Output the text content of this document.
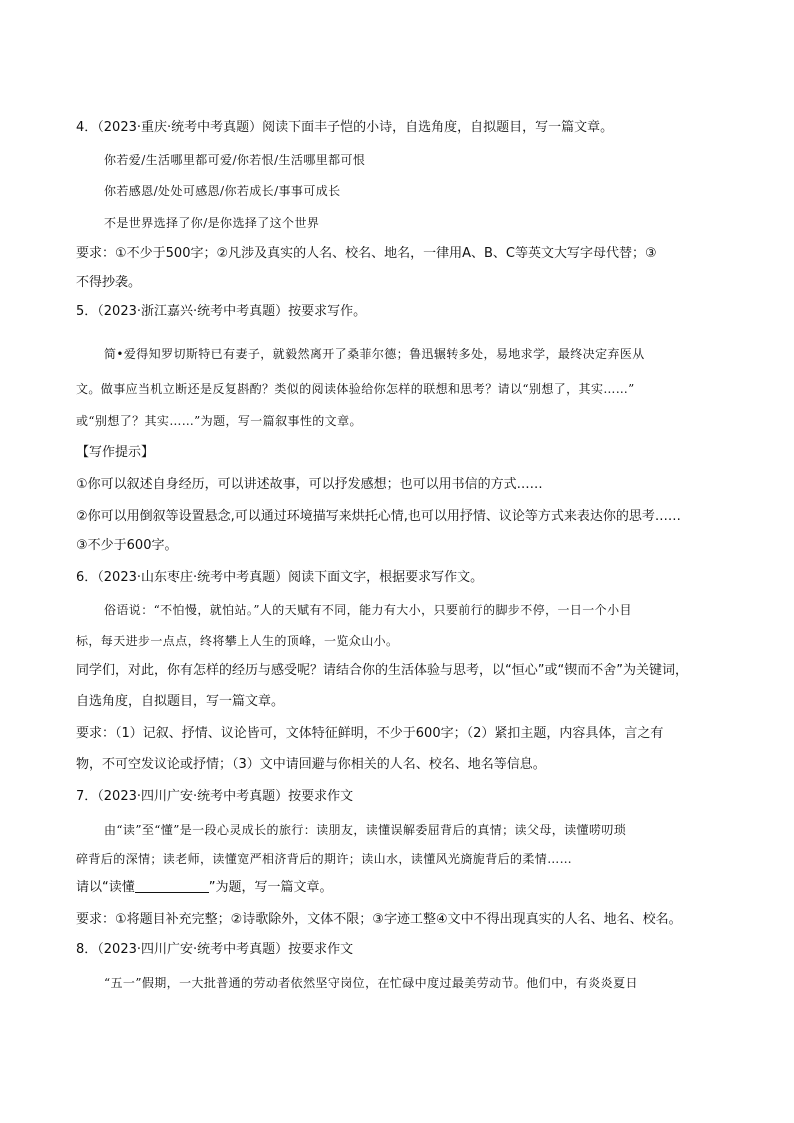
4．（2023·重庆·统考中考真题）阅读下面丰子恺的小诗，自选角度，自拟题目，写一篇文章。
你若爱/生活哪里都可爱/你若恨/生活哪里都可恨
你若感恩/处处可感恩/你若成长/事事可成长
不是世界选择了你/是你选择了这个世界
要求：①不少于500字；②凡涉及真实的人名、校名、地名，一律用A、B、C等英文大写字母代替；③
不得抄袭。
5．（2023·浙江嘉兴·统考中考真题）按要求写作。
简•爱得知罗切斯特已有妻子，就毅然离开了桑菲尔德；鲁迅辗转多处，易地求学，最终决定弃医从
文。做事应当机立断还是反复斟酌？类似的阅读体验给你怎样的联想和思考？请以“别想了，其实……”
或“别想了？其实……”为题，写一篇叙事性的文章。
【写作提示】
①你可以叙述自身经历，可以讲述故事，可以抒发感想；也可以用书信的方式……
②你可以用倒叙等设置悬念,可以通过环境描写来烘托心情,也可以用抒情、议论等方式来表达你的思考……
③不少于600字。
6．（2023·山东枣庄·统考中考真题）阅读下面文字，根据要求写作文。
俗语说：“不怕慢，就怕站。”人的天赋有不同，能力有大小，只要前行的脚步不停，一日一个小目
标，每天进步一点点，终将攀上人生的顶峰，一览众山小。
同学们，对此，你有怎样的经历与感受呢？请结合你的生活体验与思考，以“恒心”或“锲而不舍”为关键词，
自选角度，自拟题目，写一篇文章。
要求：（1）记叙、抒情、议论皆可，文体特征鲜明，不少于600字；（2）紧扣主题，内容具体，言之有
物，不可空发议论或抒情；（3）文中请回避与你相关的人名、校名、地名等信息。
7．（2023·四川广安·统考中考真题）按要求作文
由“读”至“懂”是一段心灵成长的旅行：读朋友，读懂误解委屈背后的真情；读父母，读懂唠叨琐
碎背后的深情；读老师，读懂宽严相济背后的期许；读山水，读懂风光旖旎背后的柔情……
请以“读懂	”为题，写一篇文章。
要求：①将题目补充完整；②诗歌除外，文体不限；③字迹工整④文中不得出现真实的人名、地名、校名。
8．（2023·四川广安·统考中考真题）按要求作文
“五一”假期，一大批普通的劳动者依然坚守岗位，在忙碌中度过最美劳动节。他们中，有炎炎夏日
